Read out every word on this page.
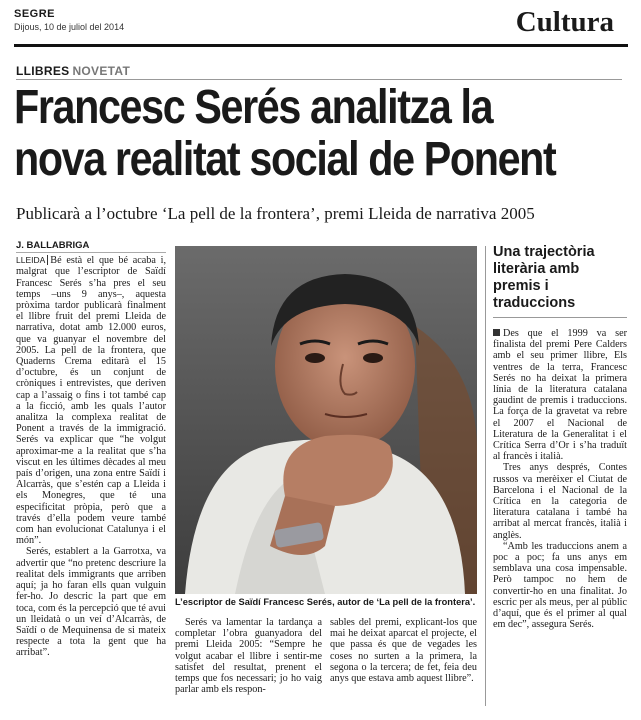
SEGRE
Dijous, 10 de juliol del 2014	Cultura
LLIBRES NOVETAT
Francesc Serés analitza la
nova realitat social de Ponent
Publicarà a l’octubre ‘La pell de la frontera’, premi Lleida de narrativa 2005
J. BALLABRIGA

LLEIDA Bé està el que bé acaba i, malgrat que l’escriptor de Saïdí Francesc Serés s’ha pres el seu temps –uns 9 anys–, aquesta pròxima tardor publicarà finalment el llibre fruit del premi Lleida de narrativa, dotat amb 12.000 euros, que va guanyar el novembre del 2005. La pell de la frontera, que Quaderns Crema editarà el 15 d’octubre, és un conjunt de cròniques i entrevistes, que deriven cap a l’assaig o fins i tot també cap a la ficció, amb les quals l’autor analitza la complexa realitat de Ponent a través de la immigració. Serés va explicar que “he volgut aproximar-me a la realitat que s’ha viscut en les últimes dècades al meu país d’origen, una zona entre Saïdí i Alcarràs, que s’estén cap a Lleida i els Monegres, que té una especificitat pròpia, però que a través d’ella podem veure també com han evolucionat Catalunya i el món”.

Serés, establert a la Garrotxa, va advertir que “no pretenc descriure la realitat dels immigrants que arriben aquí; ja ho faran ells quan vulguin fer-ho. Jo descric la part que em toca, com és la percepció que té avui un lleidatà o un veí d’Alcarràs, de Saïdí o de Mequinensa de si mateix respecte a tota la gent que ha arribat”.

L’escriptor de Saïdí Francesc Serés, autor de ‘La pell de la frontera’.

Serés va lamentar la tardança a completar l’obra guanyadora del premi Lleida 2005: “Sempre he volgut acabar el llibre i sentir-me satisfet del resultat, prenent el temps que fos necessari; jo ho vaig parlar amb els respon-

sables del premi, explicant-los que mai he deixat aparcat el projecte, el que passa és que de vegades les coses no surten a la primera, la segona o la tercera; de fet, feia deu anys que estava amb aquest llibre”.

Una trajectòria literària amb premis i traduccions

Des que el 1999 va ser finalista del premi Pere Calders amb el seu primer llibre, Els ventres de la terra, Francesc Serés no ha deixat la primera línia de la literatura catalana gaudint de premis i traduccions. La força de la gravetat va rebre el 2007 el Nacional de Literatura de la Generalitat i el Crítica Serra d’Or i s’ha traduït al francès i italià.

Tres anys després, Contes russos va merèixer el Ciutat de Barcelona i el Nacional de la Crítica en la categoria de literatura catalana i també ha arribat al mercat francès, italià i anglès.

“Amb les traduccions anem a poc a poc; fa uns anys em semblava una cosa impensable. Però tampoc no hem de convertir-ho en una finalitat. Jo escric per als meus, per al públic d’aquí, que és el primer al qual em dec”, assegura Serés.
